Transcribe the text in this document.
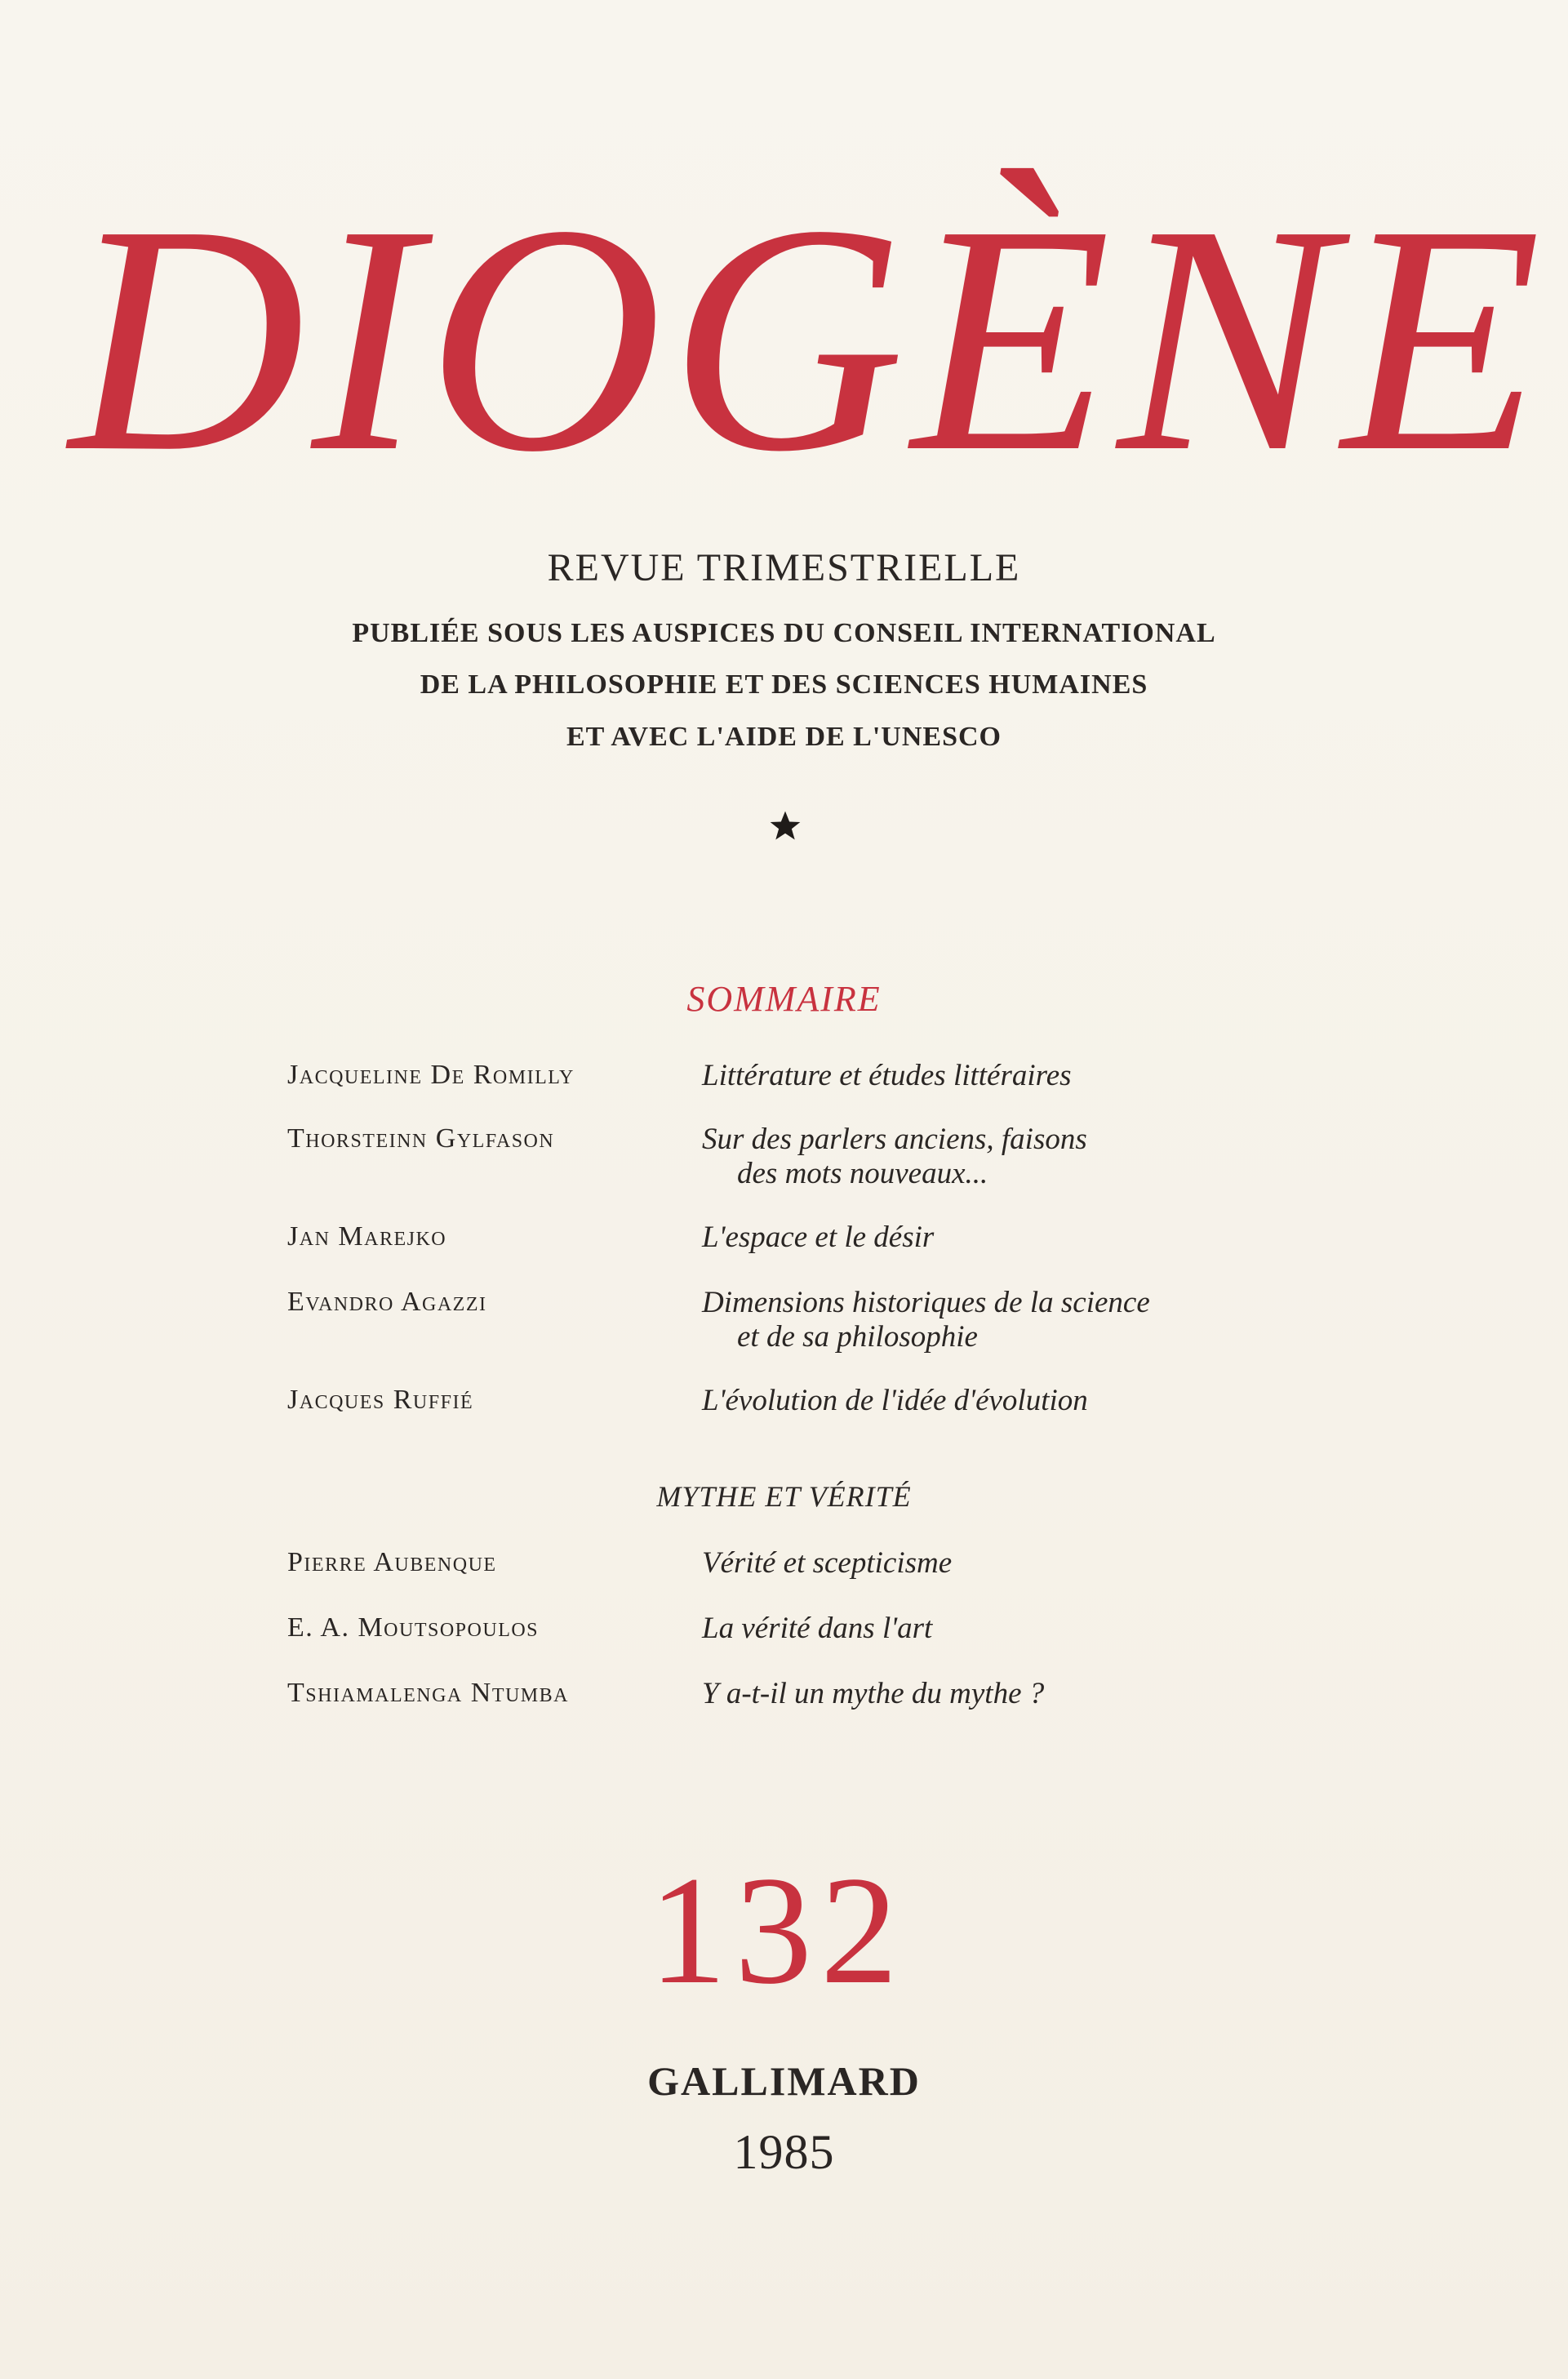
DIOGÈNE
REVUE TRIMESTRIELLE
PUBLIÉE SOUS LES AUSPICES DU CONSEIL INTERNATIONAL
DE LA PHILOSOPHIE ET DES SCIENCES HUMAINES
ET AVEC L'AIDE DE L'UNESCO
SOMMAIRE
Jacqueline De Romilly	Littérature et études littéraires
Thorsteinn Gylfason	Sur des parlers anciens, faisons
des mots nouveaux...
Jan Marejko	L'espace et le désir
Evandro Agazzi	Dimensions historiques de la science
et de sa philosophie
Jacques Ruffié	L'évolution de l'idée d'évolution
MYTHE ET VÉRITÉ
Pierre Aubenque	Vérité et scepticisme
E. A. Moutsopoulos	La vérité dans l'art
Tshiamalenga Ntumba	Y a-t-il un mythe du mythe ?
132
GALLIMARD
1985
